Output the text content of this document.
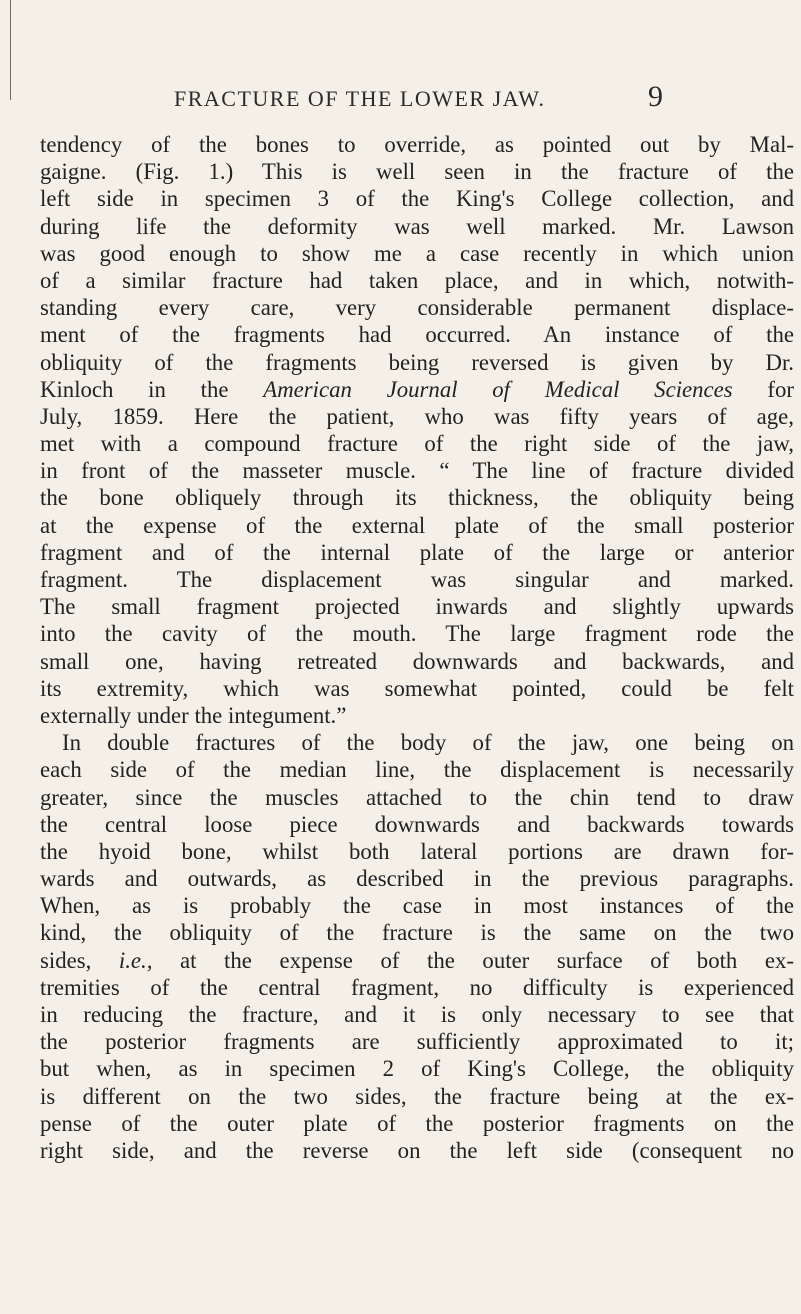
FRACTURE OF THE LOWER JAW.	9
tendency of the bones to override, as pointed out by Mal-
gaigne. (Fig. 1.) This is well seen in the fracture of the
left side in specimen 3 of the King's College collection, and
during life the deformity was well marked. Mr. Lawson
was good enough to show me a case recently in which union
of a similar fracture had taken place, and in which, notwith-
standing every care, very considerable permanent displace-
ment of the fragments had occurred. An instance of the
obliquity of the fragments being reversed is given by Dr.
Kinloch in the American Journal of Medical Sciences for
July, 1859. Here the patient, who was fifty years of age,
met with a compound fracture of the right side of the jaw,
in front of the masseter muscle. “ The line of fracture divided
the bone obliquely through its thickness, the obliquity being
at the expense of the external plate of the small posterior
fragment and of the internal plate of the large or anterior
fragment. The displacement was singular and marked.
The small fragment projected inwards and slightly upwards
into the cavity of the mouth. The large fragment rode the
small one, having retreated downwards and backwards, and
its extremity, which was somewhat pointed, could be felt
externally under the integument.”
In double fractures of the body of the jaw, one being on
each side of the median line, the displacement is necessarily
greater, since the muscles attached to the chin tend to draw
the central loose piece downwards and backwards towards
the hyoid bone, whilst both lateral portions are drawn for-
wards and outwards, as described in the previous paragraphs.
When, as is probably the case in most instances of the
kind, the obliquity of the fracture is the same on the two
sides, i.e., at the expense of the outer surface of both ex-
tremities of the central fragment, no difficulty is experienced
in reducing the fracture, and it is only necessary to see that
the posterior fragments are sufficiently approximated to it;
but when, as in specimen 2 of King's College, the obliquity
is different on the two sides, the fracture being at the ex-
pense of the outer plate of the posterior fragments on the
right side, and the reverse on the left side (consequent no
